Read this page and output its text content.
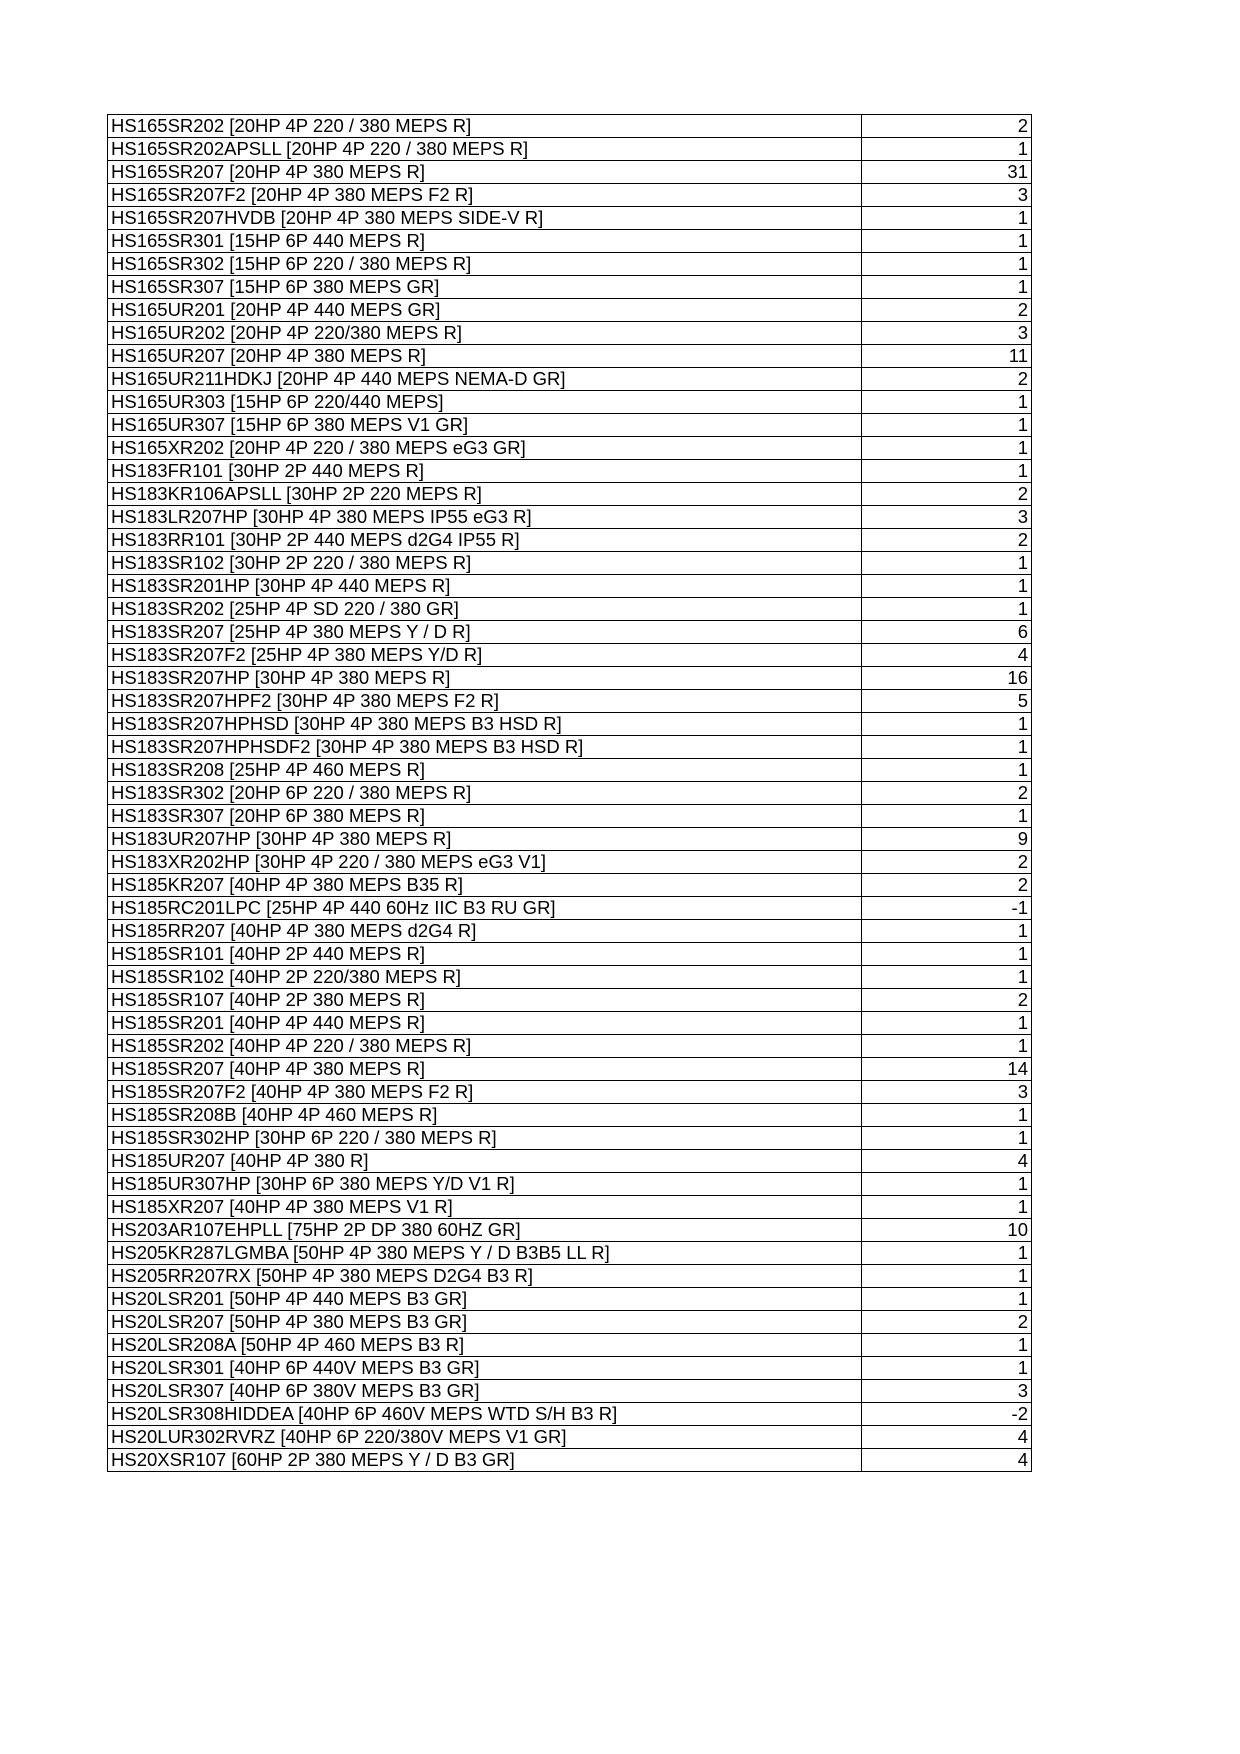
HS165SR202 [20HP 4P 220 / 380 MEPS R]	2
HS165SR202APSLL [20HP 4P 220 / 380 MEPS R]	1
HS165SR207 [20HP 4P 380 MEPS R]	31
HS165SR207F2 [20HP 4P 380 MEPS F2 R]	3
HS165SR207HVDB [20HP 4P 380 MEPS SIDE-V R]	1
HS165SR301 [15HP 6P 440 MEPS R]	1
HS165SR302 [15HP 6P 220 / 380 MEPS R]	1
HS165SR307 [15HP 6P 380 MEPS GR]	1
HS165UR201 [20HP 4P 440 MEPS GR]	2
HS165UR202 [20HP 4P 220/380 MEPS R]	3
HS165UR207 [20HP 4P 380 MEPS R]	11
HS165UR211HDKJ [20HP 4P 440 MEPS NEMA-D GR]	2
HS165UR303 [15HP 6P 220/440 MEPS]	1
HS165UR307 [15HP 6P 380 MEPS V1 GR]	1
HS165XR202 [20HP 4P 220 / 380 MEPS eG3 GR]	1
HS183FR101 [30HP 2P 440 MEPS R]	1
HS183KR106APSLL [30HP 2P 220 MEPS R]	2
HS183LR207HP [30HP 4P 380 MEPS IP55 eG3 R]	3
HS183RR101 [30HP 2P 440 MEPS d2G4 IP55 R]	2
HS183SR102 [30HP 2P 220 / 380 MEPS R]	1
HS183SR201HP [30HP 4P 440 MEPS R]	1
HS183SR202 [25HP 4P SD 220 / 380 GR]	1
HS183SR207 [25HP 4P 380 MEPS Y / D R]	6
HS183SR207F2 [25HP 4P 380 MEPS Y/D R]	4
HS183SR207HP [30HP 4P 380 MEPS R]	16
HS183SR207HPF2 [30HP 4P 380 MEPS F2 R]	5
HS183SR207HPHSD [30HP 4P 380 MEPS B3 HSD R]	1
HS183SR207HPHSDF2 [30HP 4P 380 MEPS B3 HSD R]	1
HS183SR208 [25HP 4P 460 MEPS R]	1
HS183SR302 [20HP 6P 220 / 380 MEPS R]	2
HS183SR307 [20HP 6P 380 MEPS R]	1
HS183UR207HP [30HP 4P 380 MEPS R]	9
HS183XR202HP [30HP 4P 220 / 380 MEPS eG3 V1]	2
HS185KR207 [40HP 4P 380 MEPS B35 R]	2
HS185RC201LPC [25HP 4P 440 60Hz IIC B3 RU GR]	-1
HS185RR207 [40HP 4P 380 MEPS d2G4 R]	1
HS185SR101 [40HP 2P 440 MEPS R]	1
HS185SR102 [40HP 2P 220/380 MEPS R]	1
HS185SR107 [40HP 2P 380 MEPS R]	2
HS185SR201 [40HP 4P 440 MEPS R]	1
HS185SR202 [40HP 4P 220 / 380 MEPS R]	1
HS185SR207 [40HP 4P 380 MEPS R]	14
HS185SR207F2 [40HP 4P 380 MEPS F2 R]	3
HS185SR208B [40HP 4P 460 MEPS R]	1
HS185SR302HP [30HP 6P 220 / 380 MEPS R]	1
HS185UR207 [40HP 4P 380 R]	4
HS185UR307HP [30HP 6P 380 MEPS Y/D V1 R]	1
HS185XR207 [40HP 4P 380 MEPS V1 R]	1
HS203AR107EHPLL [75HP 2P DP 380 60HZ GR]	10
HS205KR287LGMBA [50HP 4P 380 MEPS Y / D B3B5 LL R]	1
HS205RR207RX [50HP 4P 380 MEPS D2G4 B3 R]	1
HS20LSR201 [50HP 4P 440 MEPS B3 GR]	1
HS20LSR207 [50HP 4P 380 MEPS B3 GR]	2
HS20LSR208A [50HP 4P 460 MEPS B3 R]	1
HS20LSR301 [40HP 6P 440V MEPS B3 GR]	1
HS20LSR307 [40HP 6P 380V MEPS B3 GR]	3
HS20LSR308HIDDEA [40HP 6P 460V MEPS WTD S/H B3 R]	-2
HS20LUR302RVRZ [40HP 6P 220/380V MEPS V1 GR]	4
HS20XSR107 [60HP 2P 380 MEPS Y / D B3 GR]	4
